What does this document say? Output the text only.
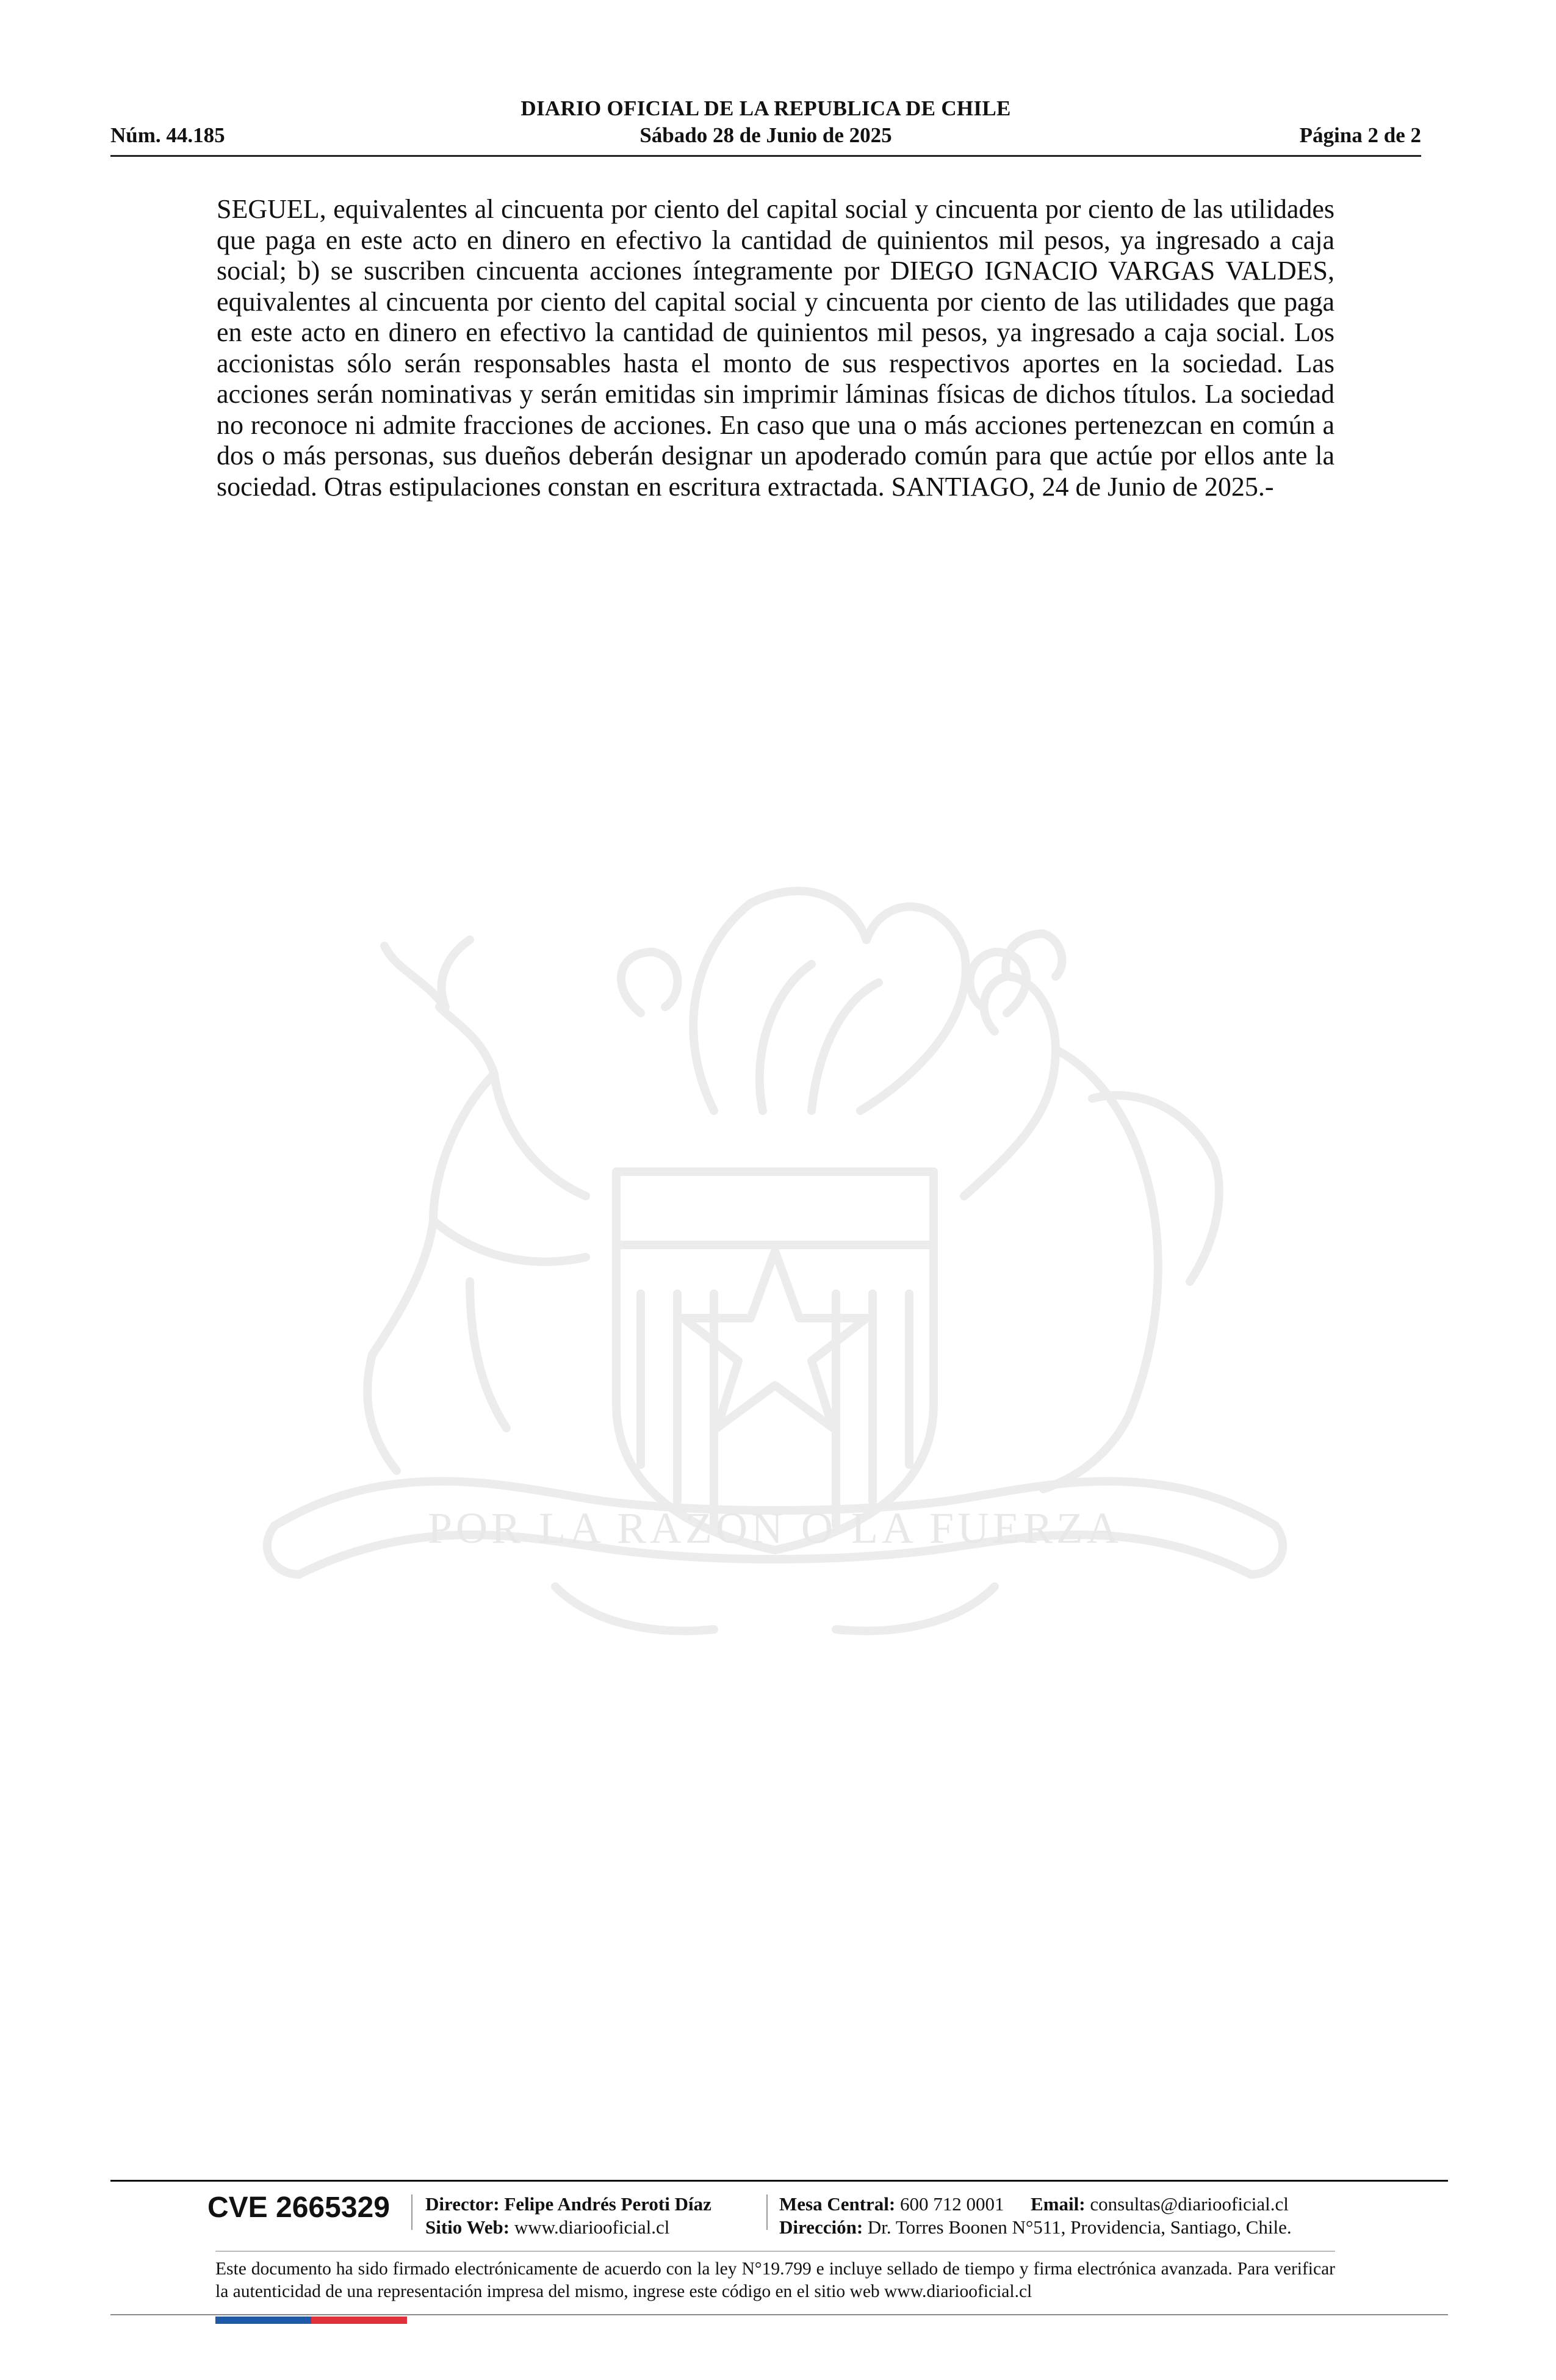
DIARIO OFICIAL DE LA REPUBLICA DE CHILE
Sábado 28 de Junio de 2025
Núm. 44.185	Página 2 de 2

SEGUEL, equivalentes al cincuenta por ciento del capital social y cincuenta por ciento de las utilidades que paga en este acto en dinero en efectivo la cantidad de quinientos mil pesos, ya ingresado a caja social; b) se suscriben cincuenta acciones íntegramente por DIEGO IGNACIO VARGAS VALDES, equivalentes al cincuenta por ciento del capital social y cincuenta por ciento de las utilidades que paga en este acto en dinero en efectivo la cantidad de quinientos mil pesos, ya ingresado a caja social. Los accionistas sólo serán responsables hasta el monto de sus respectivos aportes en la sociedad. Las acciones serán nominativas y serán emitidas sin imprimir láminas físicas de dichos títulos. La sociedad no reconoce ni admite fracciones de acciones. En caso que una o más acciones pertenezcan en común a dos o más personas, sus dueños deberán designar un apoderado común para que actúe por ellos ante la sociedad. Otras estipulaciones constan en escritura extractada. SANTIAGO, 24 de Junio de 2025.-

POR LA RAZON O LA FUERZA
CVE 2665329	Director: Felipe Andrés Peroti Díaz
Sitio Web: www.diariooficial.cl
Mesa Central: 600 712 0001 Email: consultas@diariooficial.cl
Dirección: Dr. Torres Boonen N°511, Providencia, Santiago, Chile.

Este documento ha sido firmado electrónicamente de acuerdo con la ley N°19.799 e incluye sellado de tiempo y firma electrónica avanzada. Para verificar la autenticidad de una representación impresa del mismo, ingrese este código en el sitio web www.diariooficial.cl
